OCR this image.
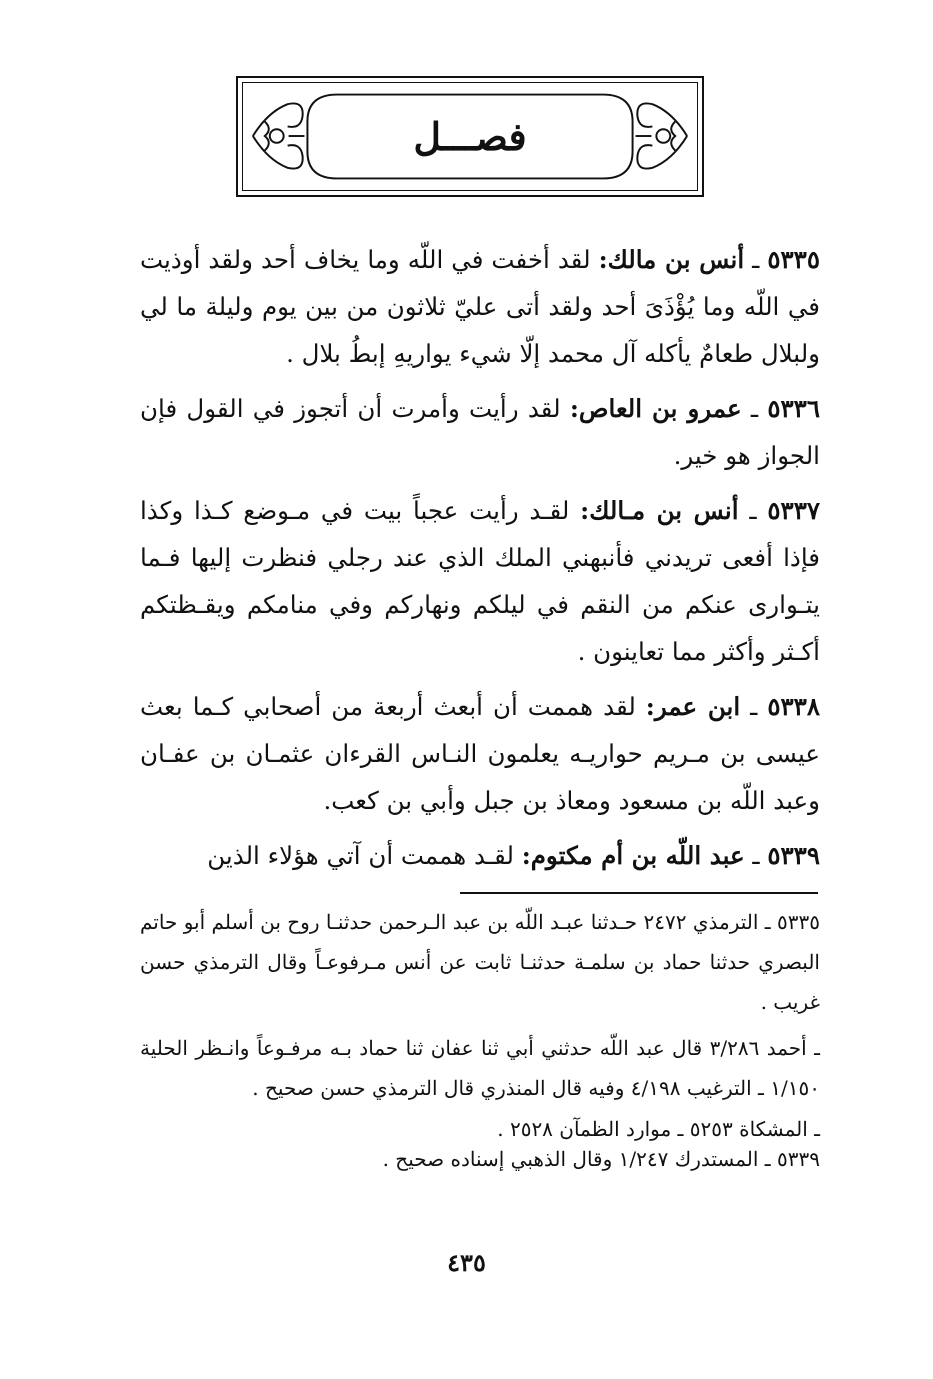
فصـــل

٥٣٣٥ ـ أنس بن مالك: لقد أخفت في اللّه وما يخاف أحد ولقد أوذيت في اللّه وما يُؤْذَىَ أحد ولقد أتى عليّ ثلاثون من بين يوم وليلة ما لي ولبلال طعامٌ يأكله آل محمد إلّا شيء يواريهِ إبطُ بلال .

٥٣٣٦ ـ عمرو بن العاص: لقد رأيت وأمرت أن أتجوز في القول فإن الجواز هو خير.

٥٣٣٧ ـ أنس بن مـالك: لقـد رأيت عجباً بيت في مـوضع كـذا وكذا فإذا أفعى تريدني فأنبهني الملك الذي عند رجلي فنظرت إليها فـما يتـوارى عنكم من النقم في ليلكم ونهاركم وفي منامكم ويقـظتكم أكـثر وأكثر مما تعاينون .

٥٣٣٨ ـ ابن عمر: لقد هممت أن أبعث أربعة من أصحابي كـما بعث عيسى بن مـريم حواريـه يعلمون النـاس القرءان عثمـان بن عفـان وعبد اللّه بن مسعود ومعاذ بن جبل وأبي بن كعب.

٥٣٣٩ ـ عبد اللّه بن أم مكتوم: لقـد هممت أن آتي هؤلاء الذين

٥٣٣٥ ـ الترمذي ٢٤٧٢ حـدثنا عبـد اللّه بن عبد الـرحمن حدثنـا روح بن أسلم أبو حاتم البصري حدثنا حماد بن سلمـة حدثنـا ثابت عن أنس مـرفوعـاً وقال الترمذي حسن غريب .

ـ أحمد ٣/٢٨٦ قال عبد اللّه حدثني أبي ثنا عفان ثنا حماد بـه مرفـوعاً وانـظر الحلية ١/١٥٠ ـ الترغيب ٤/١٩٨ وفيه قال المنذري قال الترمذي حسن صحيح .

ـ المشكاة ٥٢٥٣ ـ موارد الظمآن ٢٥٢٨ .

٥٣٣٩ ـ المستدرك ١/٢٤٧ وقال الذهبي إسناده صحيح .

٤٣٥
